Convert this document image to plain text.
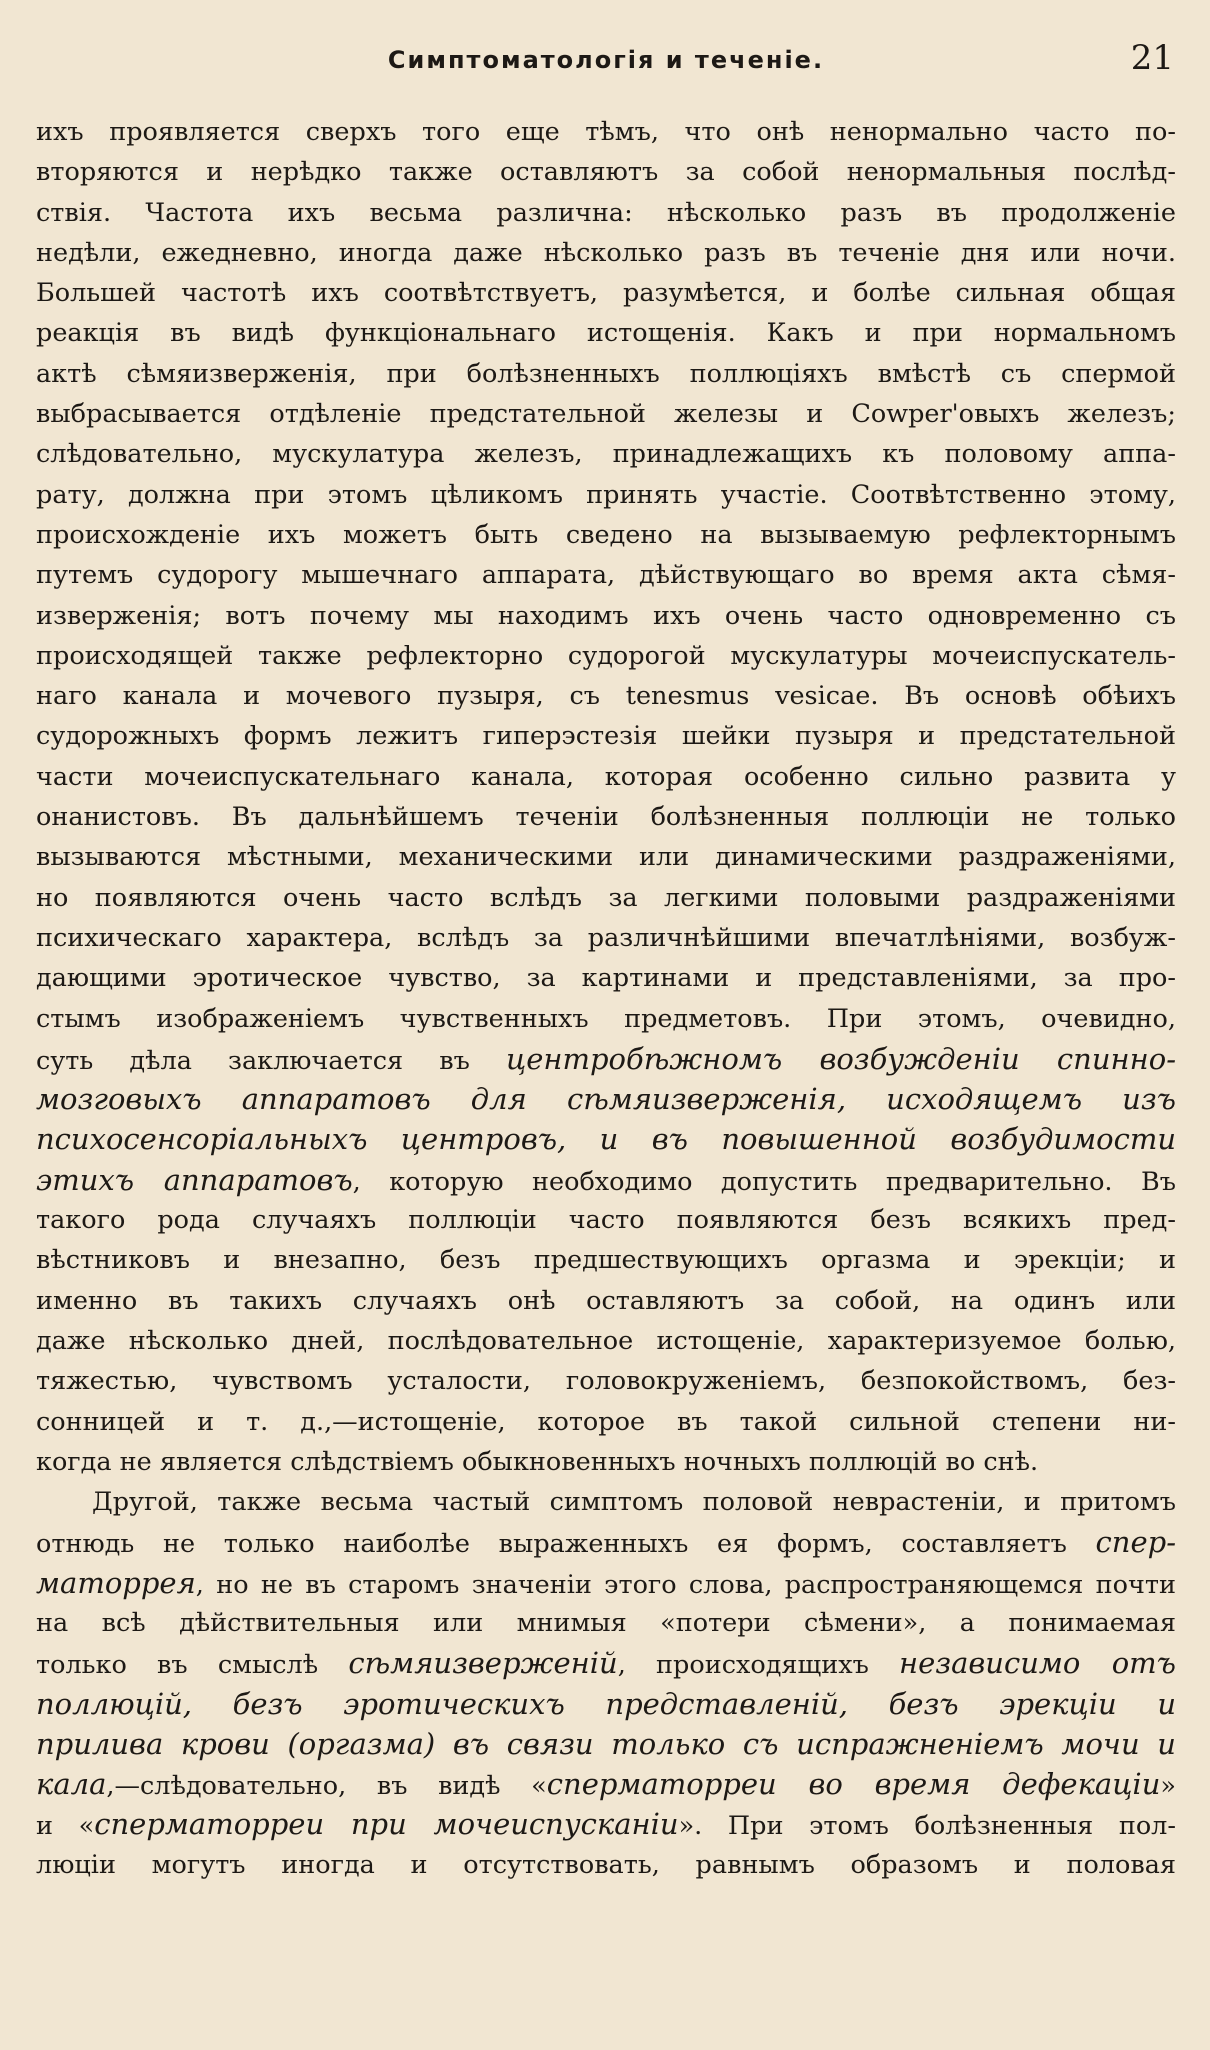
Симптоматологія и теченіе.	21
ихъ проявляется сверхъ того еще тѣмъ, что онѣ ненормально часто по-
вторяются и нерѣдко также оставляютъ за собой ненормальныя послѣд-
ствія. Частота ихъ весьма различна: нѣсколько разъ въ продолженіе
недѣли, ежедневно, иногда даже нѣсколько разъ въ теченіе дня или ночи.
Большей частотѣ ихъ соотвѣтствуетъ, разумѣется, и болѣе сильная общая
реакція въ видѣ функціональнаго истощенія. Какъ и при нормальномъ
актѣ сѣмяизверженія, при болѣзненныхъ поллюціяхъ вмѣстѣ съ спермой
выбрасывается отдѣленіе предстательной железы и Cowper'овыхъ железъ;
слѣдовательно, мускулатура железъ, принадлежащихъ къ половому аппа-
рату, должна при этомъ цѣликомъ принять участіе. Соотвѣтственно этому,
происхожденіе ихъ можетъ быть сведено на вызываемую рефлекторнымъ
путемъ судорогу мышечнаго аппарата, дѣйствующаго во время акта сѣмя-
изверженія; вотъ почему мы находимъ ихъ очень часто одновременно съ
происходящей также рефлекторно судорогой мускулатуры мочеиспускатель-
наго канала и мочевого пузыря, съ tenesmus vesicae. Въ основѣ обѣихъ
судорожныхъ формъ лежитъ гиперэстезія шейки пузыря и предстательной
части мочеиспускательнаго канала, которая особенно сильно развита у
онанистовъ. Въ дальнѣйшемъ теченіи болѣзненныя поллюціи не только
вызываются мѣстными, механическими или динамическими раздраженіями,
но появляются очень часто вслѣдъ за легкими половыми раздраженіями
психическаго характера, вслѣдъ за различнѣйшими впечатлѣніями, возбуж-
дающими эротическое чувство, за картинами и представленіями, за про-
стымъ изображеніемъ чувственныхъ предметовъ. При этомъ, очевидно,
суть дѣла заключается въ центробѣжномъ возбужденіи спинно-
мозговыхъ аппаратовъ для сѣмяизверженія, исходящемъ изъ
психосенсоріальныхъ центровъ, и въ повышенной возбудимости
этихъ аппаратовъ, которую необходимо допустить предварительно. Въ
такого рода случаяхъ поллюціи часто появляются безъ всякихъ пред-
вѣстниковъ и внезапно, безъ предшествующихъ оргазма и эрекціи; и
именно въ такихъ случаяхъ онѣ оставляютъ за собой, на одинъ или
даже нѣсколько дней, послѣдовательное истощеніе, характеризуемое болью,
тяжестью, чувствомъ усталости, головокруженіемъ, безпокойствомъ, без-
сонницей и т. д.,—истощеніе, которое въ такой сильной степени ни-
когда не является слѣдствіемъ обыкновенныхъ ночныхъ поллюцій во снѣ.
Другой, также весьма частый симптомъ половой неврастеніи, и притомъ
отнюдь не только наиболѣе выраженныхъ ея формъ, составляетъ спер-
маторрея, но не въ старомъ значеніи этого слова, распространяющемся почти
на всѣ дѣйствительныя или мнимыя «потери сѣмени», а понимаемая
только въ смыслѣ сѣмяизверженій, происходящихъ независимо отъ
поллюцій, безъ эротическихъ представленій, безъ эрекціи и
прилива крови (оргазма) въ связи только съ испражненіемъ мочи и
кала,—слѣдовательно, въ видѣ «сперматорреи во время дефекаціи»
и «сперматорреи при мочеиспусканіи». При этомъ болѣзненныя пол-
люціи могутъ иногда и отсутствовать, равнымъ образомъ и половая
